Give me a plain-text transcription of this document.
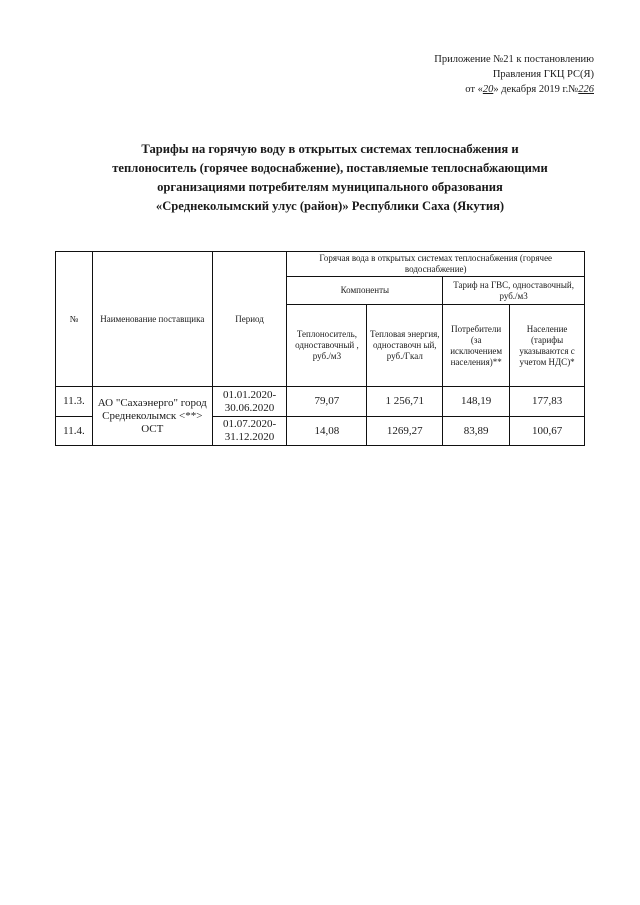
Приложение №21 к постановлению
Правления ГКЦ РС(Я)
от «20» декабря 2019 г.№226
Тарифы на горячую воду в открытых системах теплоснабжения и
теплоноситель (горячее водоснабжение), поставляемые теплоснабжающими
организациями потребителям муниципального образования
«Среднеколымский улус (район)» Республики Саха (Якутия)
№	Наименование поставщика	Период	Горячая вода в открытых системах теплоснабжения (горячее водоснабжение)			
			Компоненты		Тариф на ГВС, одноставочный, руб./м3	
			Теплоноситель, одноставочный , руб./м3	Тепловая энергия, одноставочн ый, руб./Гкал	Потребители (за исключением населения)**	Население (тарифы указываются с учетом НДС)*
11.3.	АО "Сахаэнерго" город Среднеколымск <**> ОСТ	01.01.2020-30.06.2020	79,07	1 256,71	148,19	177,83
11.4.		01.07.2020-31.12.2020	14,08	1269,27	83,89	100,67
